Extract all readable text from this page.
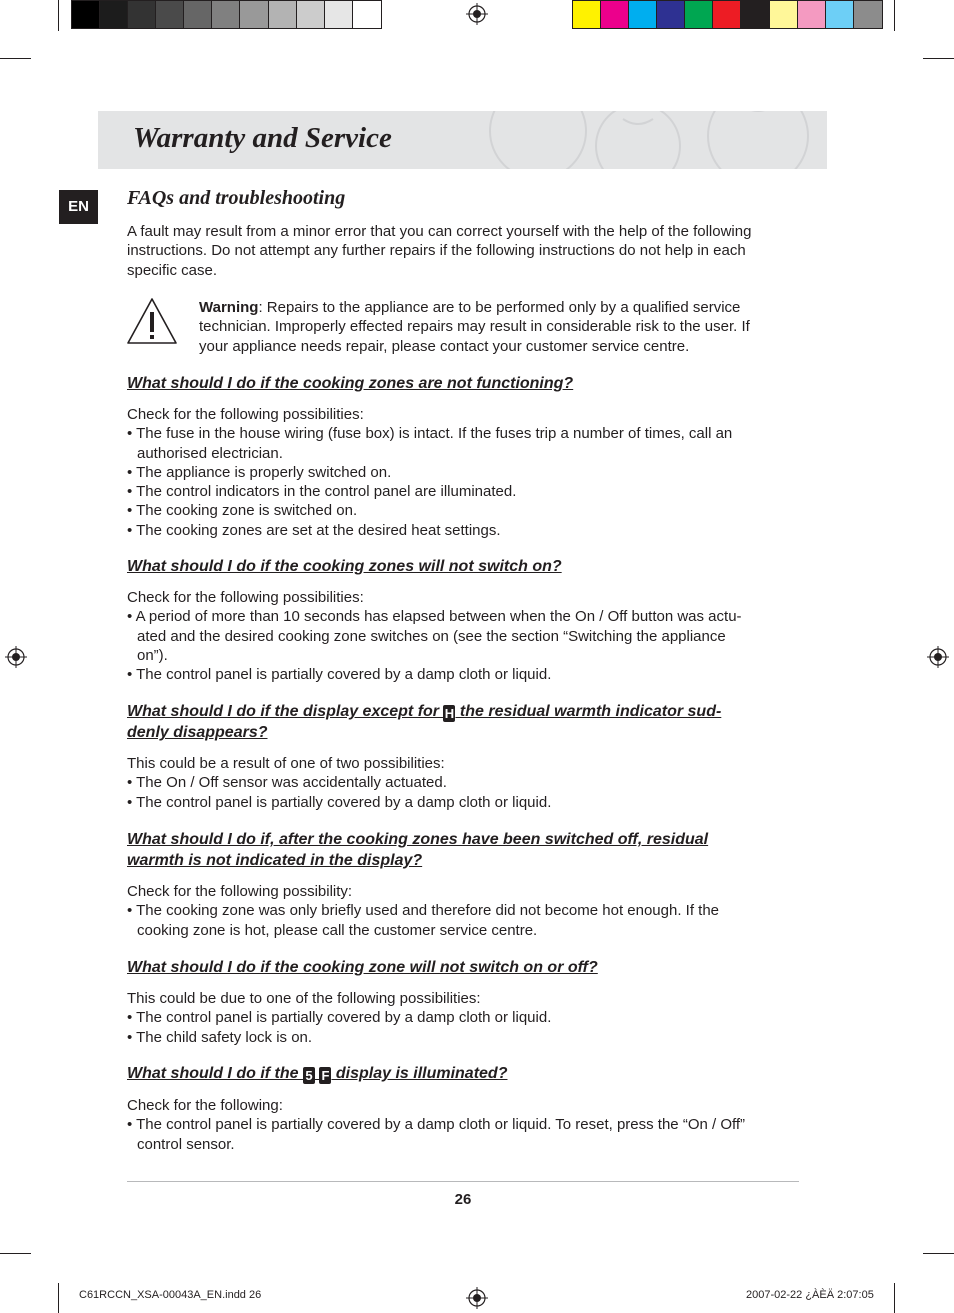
Warranty and Service
EN	FAQs and troubleshooting
A fault may result from a minor error that you can correct yourself with the help of the following
instructions. Do not attempt any further repairs if the following instructions do not help in each
specific case.
Warning: Repairs to the appliance are to be performed only by a qualified service
technician. Improperly effected repairs may result in considerable risk to the user. If
your appliance needs repair, please contact your customer service centre.
What should I do if the cooking zones are not functioning?
Check for the following possibilities:
• The fuse in the house wiring (fuse box) is intact. If the fuses trip a number of times, call an
authorised electrician.
• The appliance is properly switched on.
• The control indicators in the control panel are illuminated.
• The cooking zone is switched on.
• The cooking zones are set at the desired heat settings.
What should I do if the cooking zones will not switch on?
Check for the following possibilities:
• A period of more than 10 seconds has elapsed between when the On / Off button was actu-
ated and the desired cooking zone switches on (see the section “Switching the appliance
on”).
• The control panel is partially covered by a damp cloth or liquid.
What should I do if the display except for H the residual warmth indicator sud-
denly disappears?
This could be a result of one of two possibilities:
• The On / Off sensor was accidentally actuated.
• The control panel is partially covered by a damp cloth or liquid.
What should I do if, after the cooking zones have been switched off, residual
warmth is not indicated in the display?
Check for the following possibility:
• The cooking zone was only briefly used and therefore did not become hot enough. If the
cooking zone is hot, please call the customer service centre.
What should I do if the cooking zone will not switch on or off?
This could be due to one of the following possibilities:
• The control panel is partially covered by a damp cloth or liquid.
• The child safety lock is on.
What should I do if the 5 F display is illuminated?
Check for the following:
• The control panel is partially covered by a damp cloth or liquid. To reset, press the “On / Off”
control sensor.
26
C61RCCN_XSA-00043A_EN.indd 26	2007-02-22 ¿ÀÈÄ 2:07:05
